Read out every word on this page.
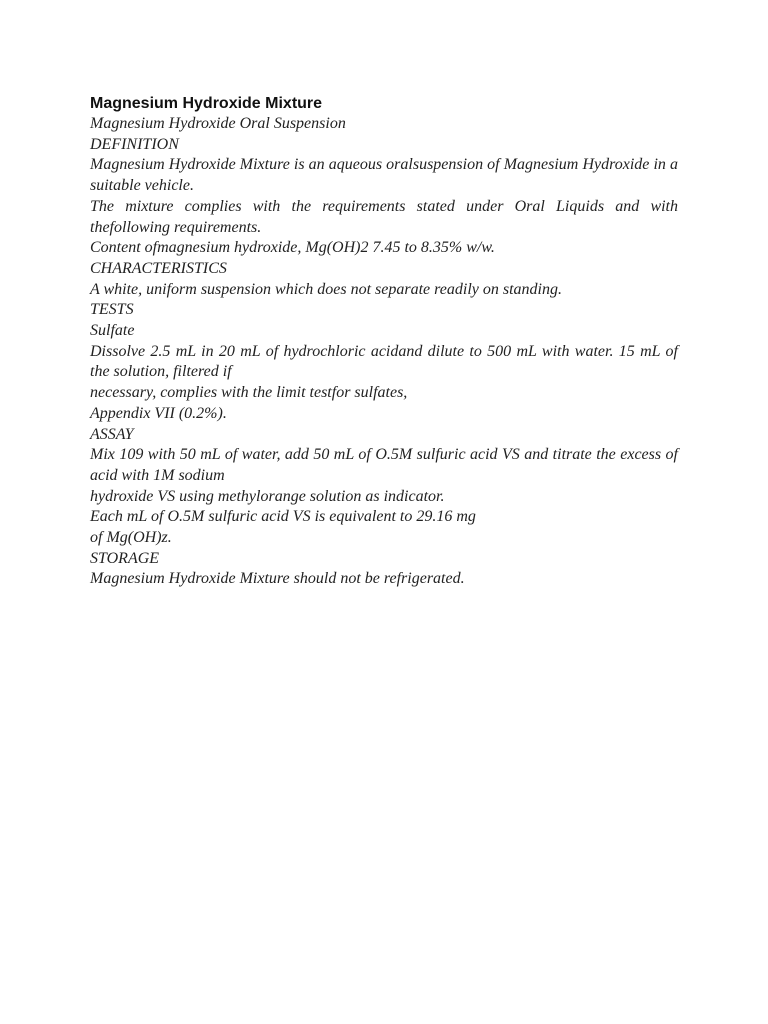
Magnesium Hydroxide Mixture

Magnesium Hydroxide Oral Suspension

DEFINITION

Magnesium Hydroxide Mixture is an aqueous oralsuspension of Magnesium Hydroxide in a suitable vehicle.

The mixture complies with the requirements stated under Oral Liquids and with thefollowing requirements.

Content ofmagnesium hydroxide, Mg(OH)2 7.45 to 8.35% w/w.

CHARACTERISTICS

A white, uniform suspension which does not separate readily on standing.

TESTS

Sulfate

Dissolve 2.5 mL in 20 mL of hydrochloric acidand dilute to 500 mL with water. 15 mL of the solution, filtered if

necessary, complies with the limit testfor sulfates,

Appendix VII (0.2%).

ASSAY

Mix 109 with 50 mL of water, add 50 mL of O.5M sulfuric acid VS and titrate the excess of acid with 1M sodium

hydroxide VS using methylorange solution as indicator.

Each mL of O.5M sulfuric acid VS is equivalent to 29.16 mg

of Mg(OH)z.

STORAGE

Magnesium Hydroxide Mixture should not be refrigerated.
